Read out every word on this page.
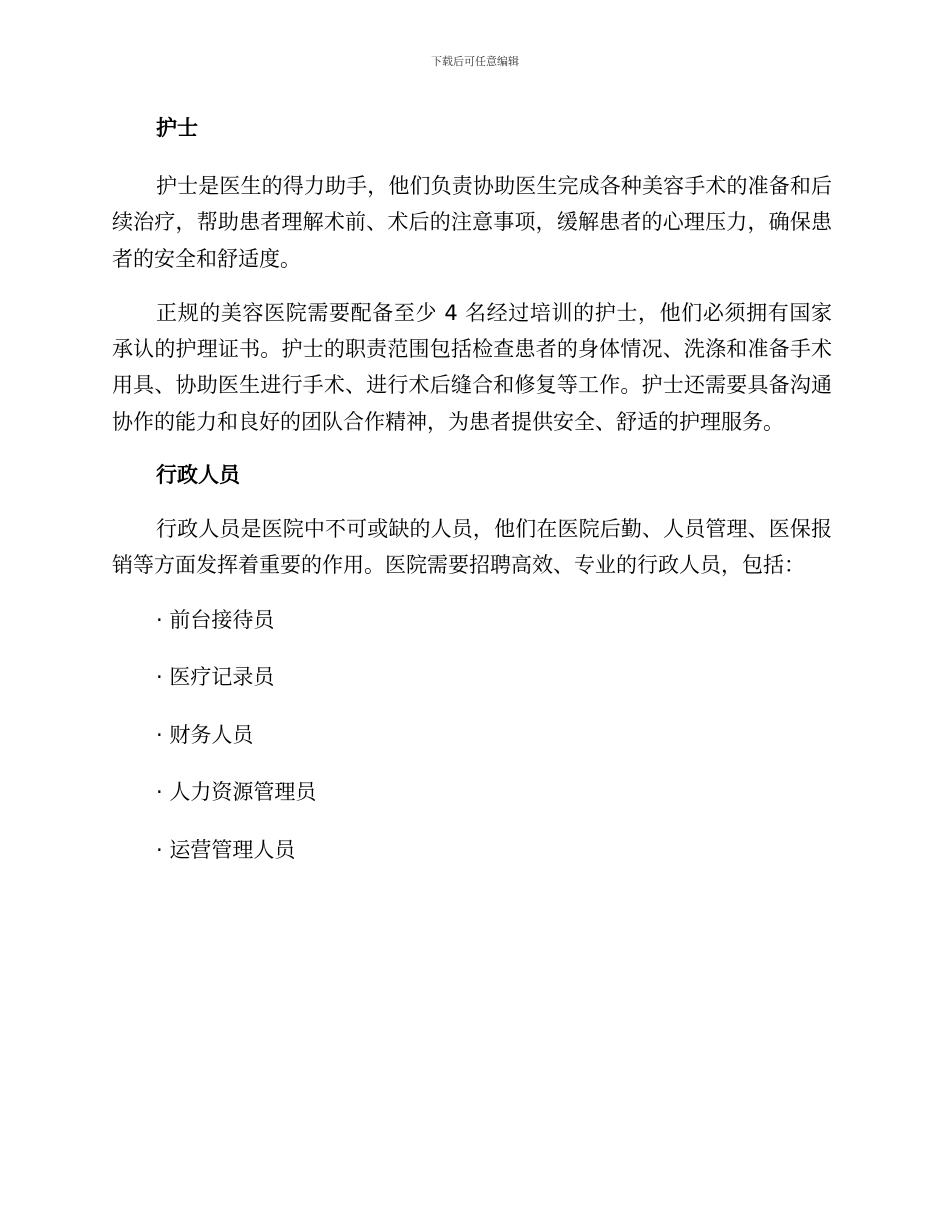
下载后可任意编辑
护士

护士是医生的得力助手，他们负责协助医生完成各种美容手术的准备和后续治疗，帮助患者理解术前、术后的注意事项，缓解患者的心理压力，确保患者的安全和舒适度。

正规的美容医院需要配备至少 4 名经过培训的护士，他们必须拥有国家承认的护理证书。护士的职责范围包括检查患者的身体情况、洗涤和准备手术用具、协助医生进行手术、进行术后缝合和修复等工作。护士还需要具备沟通协作的能力和良好的团队合作精神，为患者提供安全、舒适的护理服务。

行政人员

行政人员是医院中不可或缺的人员，他们在医院后勤、人员管理、医保报销等方面发挥着重要的作用。医院需要招聘高效、专业的行政人员，包括：

· 前台接待员
· 医疗记录员
· 财务人员
· 人力资源管理员
· 运营管理人员
